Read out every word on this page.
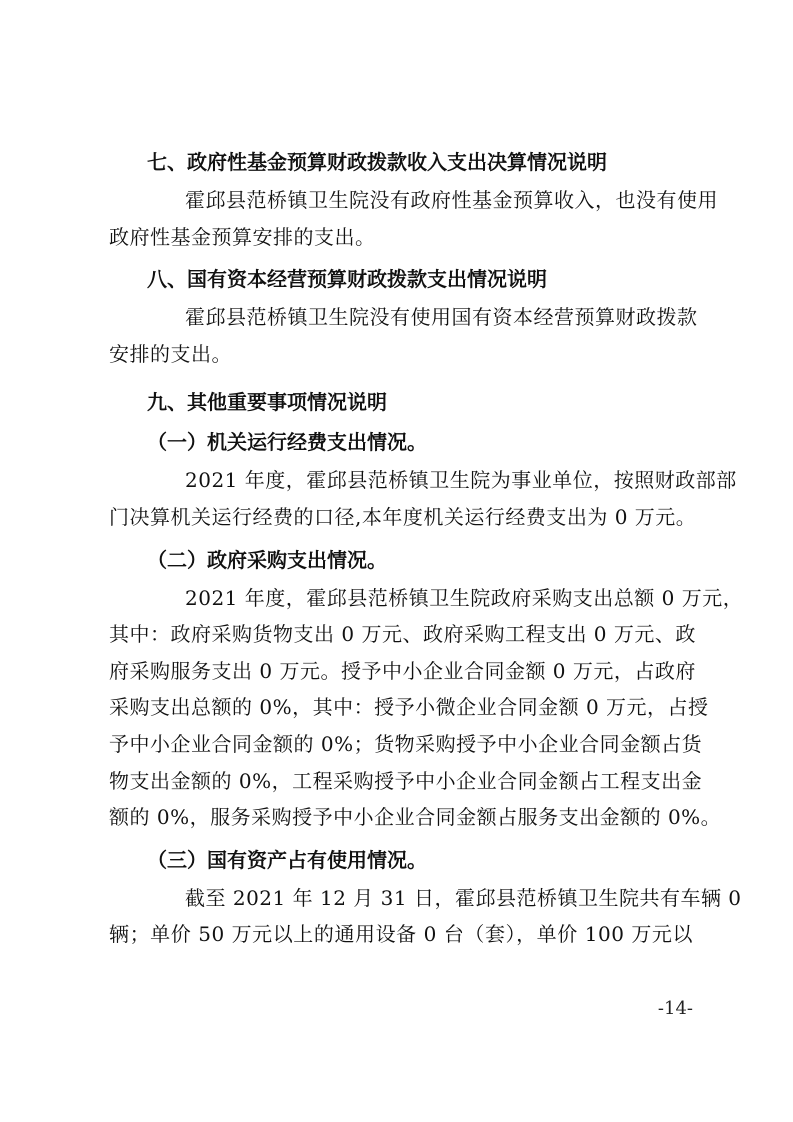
七、政府性基金预算财政拨款收入支出决算情况说明

霍邱县范桥镇卫生院没有政府性基金预算收入，也没有使用
政府性基金预算安排的支出。

八、国有资本经营预算财政拨款支出情况说明

霍邱县范桥镇卫生院没有使用国有资本经营预算财政拨款
安排的支出。

九、其他重要事项情况说明
（一）机关运行经费支出情况。

2021 年度，霍邱县范桥镇卫生院为事业单位，按照财政部部
门决算机关运行经费的口径,本年度机关运行经费支出为 0 万元。

（二）政府采购支出情况。

2021 年度，霍邱县范桥镇卫生院政府采购支出总额 0 万元，
其中：政府采购货物支出 0 万元、政府采购工程支出 0 万元、政
府采购服务支出 0 万元。授予中小企业合同金额 0 万元，占政府
采购支出总额的 0%，其中：授予小微企业合同金额 0 万元，占授
予中小企业合同金额的 0%；货物采购授予中小企业合同金额占货
物支出金额的 0%，工程采购授予中小企业合同金额占工程支出金
额的 0%，服务采购授予中小企业合同金额占服务支出金额的 0%。

（三）国有资产占有使用情况。

截至 2021 年 12 月 31 日，霍邱县范桥镇卫生院共有车辆 0
辆；单价 50 万元以上的通用设备 0 台（套），单价 100 万元以

-14-
